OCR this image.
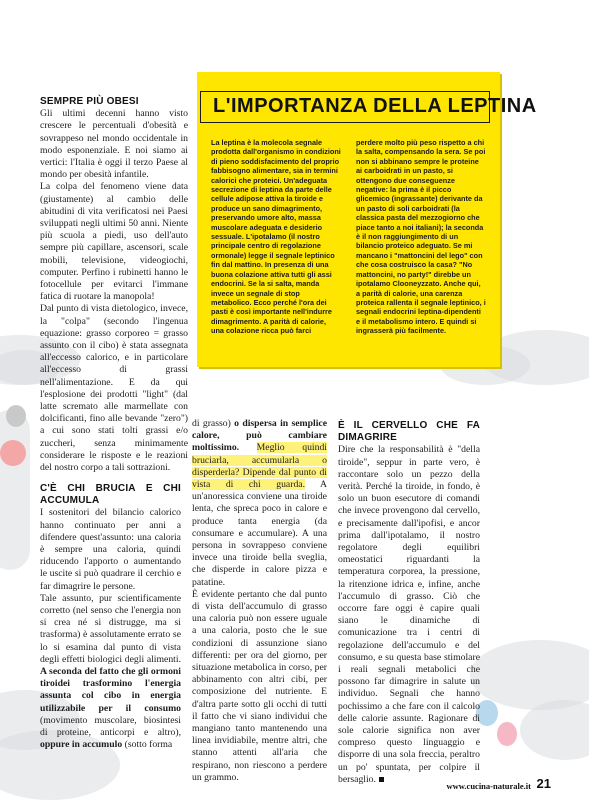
L'IMPORTANZA DELLA LEPTINA
La leptina è la molecola segnale prodotta dall'organismo in condizioni di pieno soddisfacimento del proprio fabbisogno alimentare, sia in termini calorici che proteici. Un'adeguata secrezione di leptina da parte delle cellule adipose attiva la tiroide e produce un sano dimagrimento, preservando umore alto, massa muscolare adeguata e desiderio sessuale. L'ipotalamo (il nostro principale centro di regolazione ormonale) legge il segnale leptinico fin dal mattino. In presenza di una buona colazione attiva tutti gli assi endocrini. Se la si salta, manda invece un segnale di stop metabolico. Ecco perché l'ora dei pasti è così importante nell'indurre dimagrimento. A parità di calorie, una colazione ricca può farci
perdere molto più peso rispetto a chi la salta, compensando la sera. Se poi non si abbinano sempre le proteine ai carboidrati in un pasto, si ottengono due conseguenze negative: la prima è il picco glicemico (ingrassante) derivante da un pasto di soli carboidrati (la classica pasta del mezzogiorno che piace tanto a noi italiani); la seconda è il non raggiungimento di un bilancio proteico adeguato. Se mi mancano i "mattoncini del lego" con che cosa costruisco la casa? "No mattoncini, no party!" direbbe un ipotalamo Clooneyzzato. Anche qui, a parità di calorie, una carenza proteica rallenta il segnale leptinico, i segnali endocrini leptina-dipendenti e il metabolismo intero. E quindi si ingrasserà più facilmente.

SEMPRE PIÙ OBESI

Gli ultimi decenni hanno visto crescere le percentuali d'obesità e sovrappeso nel mondo occidentale in modo esponenziale. E noi siamo ai vertici: l'Italia è oggi il terzo Paese al mondo per obesità infantile.

La colpa del fenomeno viene data (giustamente) al cambio delle abitudini di vita verificatosi nei Paesi sviluppati negli ultimi 50 anni. Niente più scuola a piedi, uso dell'auto sempre più capillare, ascensori, scale mobili, televisione, videogiochi, computer. Perfino i rubinetti hanno le fotocellule per evitarci l'immane fatica di ruotare la manopola!

Dal punto di vista dietologico, invece, la "colpa" (secondo l'ingenua equazione: grasso corporeo = grasso assunto con il cibo) è stata assegnata all'eccesso calorico, e in particolare all'eccesso di grassi nell'alimentazione. E da qui l'esplosione dei prodotti "light" (dal latte scremato alle marmellate con dolcificanti, fino alle bevande "zero") a cui sono stati tolti grassi e/o zuccheri, senza minimamente considerare le risposte e le reazioni del nostro corpo a tali sottrazioni.

C'È CHI BRUCIA E CHI ACCUMULA

I sostenitori del bilancio calorico hanno continuato per anni a difendere quest'assunto: una caloria è sempre una caloria, quindi riducendo l'apporto o aumentando le uscite si può quadrare il cerchio e far dimagrire le persone.

Tale assunto, pur scientificamente corretto (nel senso che l'energia non si crea né si distrugge, ma si trasforma) è assolutamente errato se lo si esamina dal punto di vista degli effetti biologici degli alimenti. A seconda del fatto che gli ormoni tiroidei trasformino l'energia assunta col cibo in energia utilizzabile per il consumo (movimento muscolare, biosintesi di proteine, anticorpi e altro), oppure in accumulo (sotto forma

di grasso) o dispersa in semplice calore, può cambiare moltissimo. Meglio quindi bruciarla, accumularla o disperderla? Dipende dal punto di vista di chi guarda. A un'anoressica conviene una tiroide lenta, che spreca poco in calore e produce tanta energia (da consumare e accumulare). A una persona in sovrappeso conviene invece una tiroide bella sveglia, che disperde in calore pizza e patatine.

È evidente pertanto che dal punto di vista dell'accumulo di grasso una caloria può non essere uguale a una caloria, posto che le sue condizioni di assunzione siano differenti: per ora del giorno, per situazione metabolica in corso, per abbinamento con altri cibi, per composizione del nutriente. E d'altra parte sotto gli occhi di tutti il fatto che vi siano individui che mangiano tanto mantenendo una linea invidiabile, mentre altri, che stanno attenti all'aria che respirano, non riescono a perdere un grammo.

È IL CERVELLO CHE FA DIMAGRIRE

Dire che la responsabilità è "della tiroide", seppur in parte vero, è raccontare solo un pezzo della verità. Perché la tiroide, in fondo, è solo un buon esecutore di comandi che invece provengono dal cervello, e precisamente dall'ipofisi, e ancor prima dall'ipotalamo, il nostro regolatore degli equilibri omeostatici riguardanti la temperatura corporea, la pressione, la ritenzione idrica e, infine, anche l'accumulo di grasso. Ciò che occorre fare oggi è capire quali siano le dinamiche di comunicazione tra i centri di regolazione dell'accumulo e del consumo, e su questa base stimolare i reali segnali metabolici che possono far dimagrire in salute un individuo. Segnali che hanno pochissimo a che fare con il calcolo delle calorie assunte. Ragionare di sole calorie significa non aver compreso questo linguaggio e disporre di una sola freccia, peraltro un po' spuntata, per colpire il bersaglio.

www.cucina-naturale.it 21
